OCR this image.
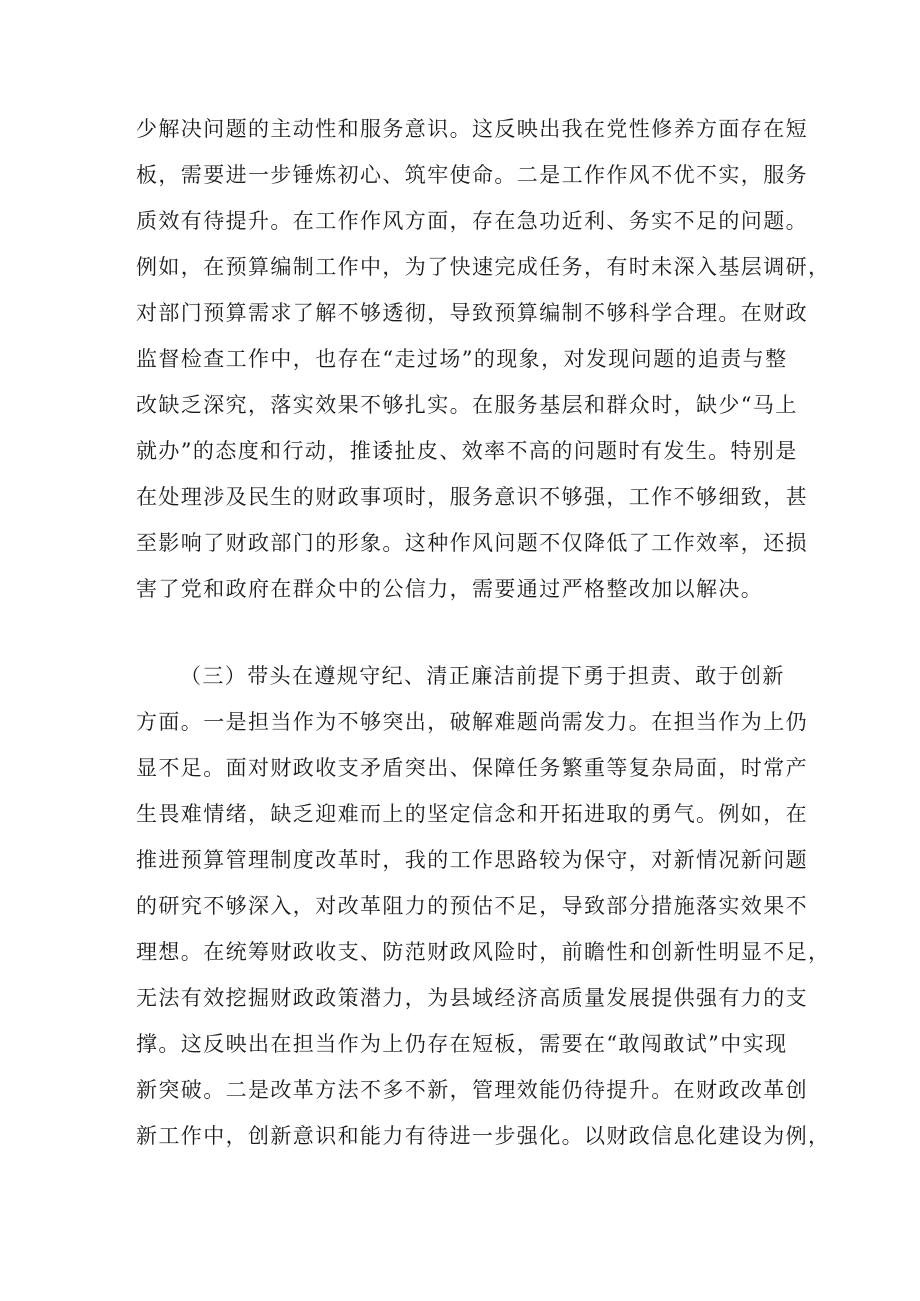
少解决问题的主动性和服务意识。这反映出我在党性修养方面存在短
板，需要进一步锤炼初心、筑牢使命。二是工作作风不优不实，服务
质效有待提升。在工作作风方面，存在急功近利、务实不足的问题。
例如，在预算编制工作中，为了快速完成任务，有时未深入基层调研，
对部门预算需求了解不够透彻，导致预算编制不够科学合理。在财政
监督检查工作中，也存在“走过场”的现象，对发现问题的追责与整
改缺乏深究，落实效果不够扎实。在服务基层和群众时，缺少“马上
就办”的态度和行动，推诿扯皮、效率不高的问题时有发生。特别是
在处理涉及民生的财政事项时，服务意识不够强，工作不够细致，甚
至影响了财政部门的形象。这种作风问题不仅降低了工作效率，还损
害了党和政府在群众中的公信力，需要通过严格整改加以解决。
（三）带头在遵规守纪、清正廉洁前提下勇于担责、敢于创新
方面。一是担当作为不够突出，破解难题尚需发力。在担当作为上仍
显不足。面对财政收支矛盾突出、保障任务繁重等复杂局面，时常产
生畏难情绪，缺乏迎难而上的坚定信念和开拓进取的勇气。例如，在
推进预算管理制度改革时，我的工作思路较为保守，对新情况新问题
的研究不够深入，对改革阻力的预估不足，导致部分措施落实效果不
理想。在统筹财政收支、防范财政风险时，前瞻性和创新性明显不足，
无法有效挖掘财政政策潜力，为县域经济高质量发展提供强有力的支
撑。这反映出在担当作为上仍存在短板，需要在“敢闯敢试”中实现
新突破。二是改革方法不多不新，管理效能仍待提升。在财政改革创
新工作中，创新意识和能力有待进一步强化。以财政信息化建设为例，
